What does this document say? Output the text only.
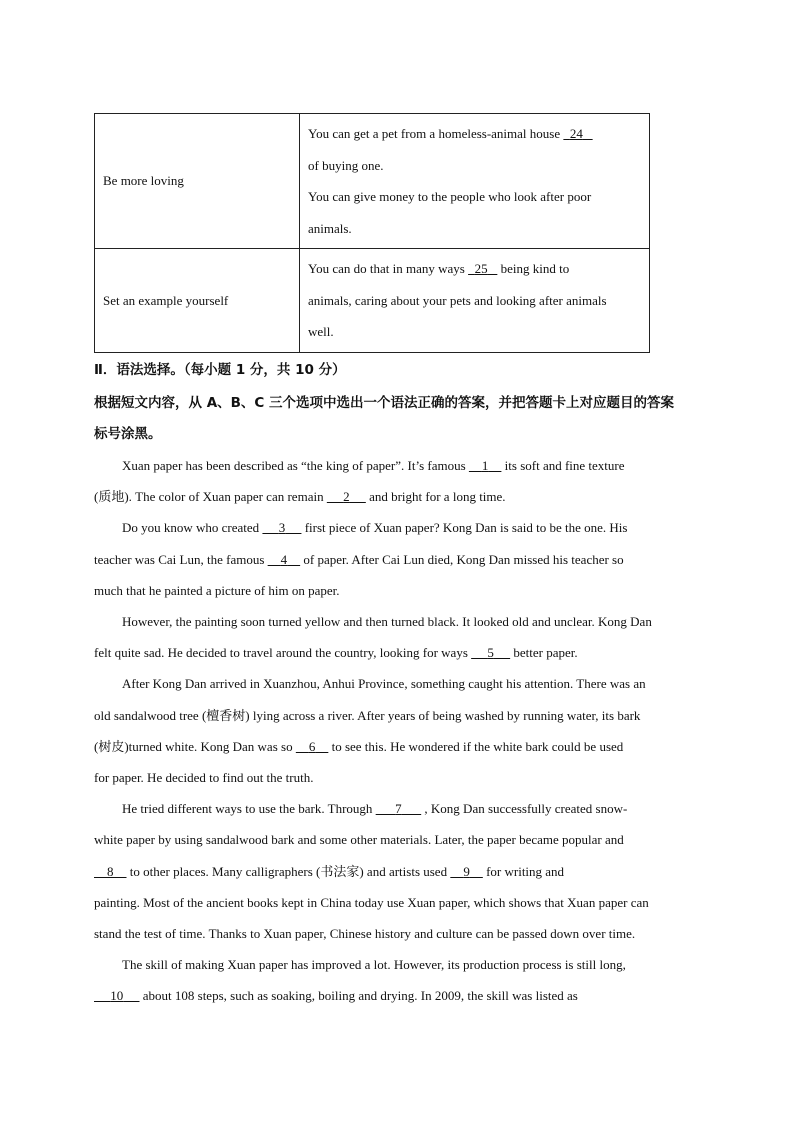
Be more loving	You can get a pet from a homeless-animal house   24
of buying one.
You can give money to the people who look after poor
animals.

Set an example yourself	You can do that in many ways   25    being kind to
animals, caring about your pets and looking after animals
well.
Ⅱ．语法选择。（每小题 1 分，共 10 分）
根据短文内容，从 A、B、C 三个选项中选出一个语法正确的答案，并把答题卡上对应题目的答案
标号涂黑。
Xuan paper has been described as “the king of paper”. It’s famous     1     its soft and fine texture
(质地). The color of Xuan paper can remain      2      and bright for a long time.
Do you know who created      3      first piece of Xuan paper? Kong Dan is said to be the one. His
teacher was Cai Lun, the famous     4     of paper. After Cai Lun died, Kong Dan missed his teacher so
much that he painted a picture of him on paper.
However, the painting soon turned yellow and then turned black. It looked old and unclear. Kong Dan
felt quite sad. He decided to travel around the country, looking for ways      5      better paper.
After Kong Dan arrived in Xuanzhou, Anhui Province, something caught his attention. There was an
old sandalwood tree (檀香树) lying across a river. After years of being washed by running water, its bark
(树皮)turned white. Kong Dan was so     6     to see this. He wondered if the white bark could be used
for paper. He decided to find out the truth.
He tried different ways to use the bark. Through       7       , Kong Dan successfully created snow-
white paper by using sandalwood bark and some other materials. Later, the paper became popular and
8     to other places. Many calligraphers (书法家) and artists used     9     for writing and
painting. Most of the ancient books kept in China today use Xuan paper, which shows that Xuan paper can
stand the test of time. Thanks to Xuan paper, Chinese history and culture can be passed down over time.
The skill of making Xuan paper has improved a lot. However, its production process is still long,
10      about 108 steps, such as soaking, boiling and drying. In 2009, the skill was listed as
